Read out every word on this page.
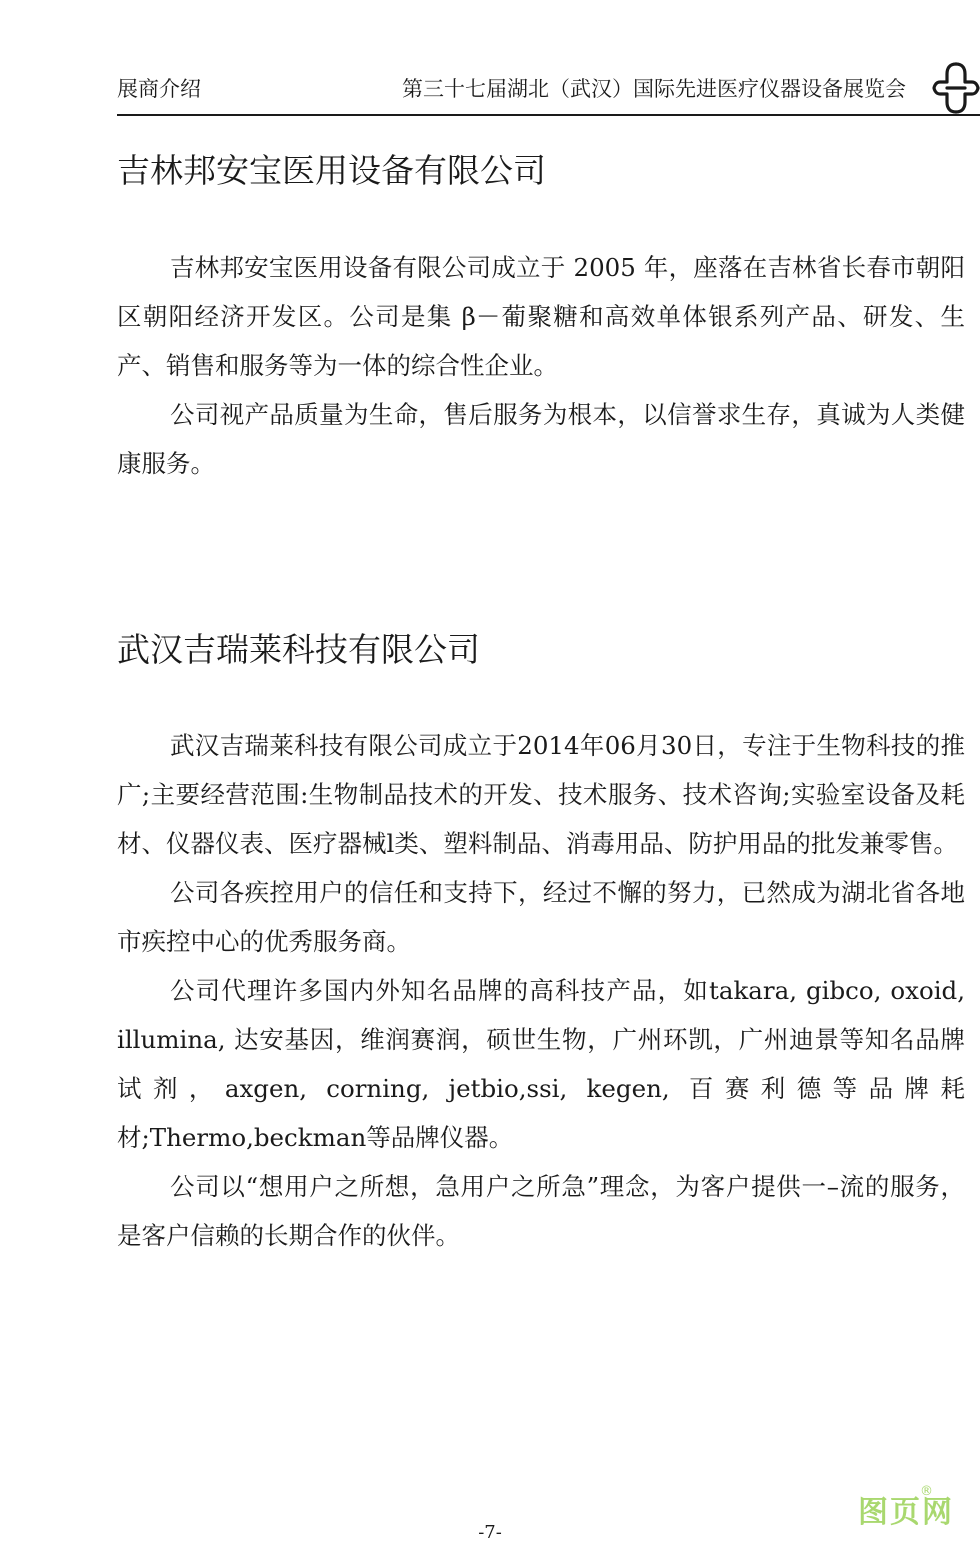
展商介绍	第三十七届湖北（武汉）国际先进医疗仪器设备展览会
吉林邦安宝医用设备有限公司

吉林邦安宝医用设备有限公司成立于 2005 年，座落在吉林省长春市朝阳区朝阳经济开发区。公司是集 β－葡聚糖和高效单体银系列产品、研发、生产、销售和服务等为一体的综合性企业。

公司视产品质量为生命，售后服务为根本，以信誉求生存，真诚为人类健康服务。

武汉吉瑞莱科技有限公司

武汉吉瑞莱科技有限公司成立于2014年06月30日，专注于生物科技的推广;主要经营范围:生物制品技术的开发、技术服务、技术咨询;实验室设备及耗材、仪器仪表、医疗器械l类、塑料制品、消毒用品、防护用品的批发兼零售。

公司各疾控用户的信任和支持下，经过不懈的努力，已然成为湖北省各地市疾控中心的优秀服务商。

公司代理许多国内外知名品牌的高科技产品，如takara, gibco, oxoid, illumina, 达安基因，维润赛润，硕世生物，广州环凯，广州迪景等知名品牌试剂，axgen, corning, jetbio,ssi, kegen, 百赛利德等品牌耗材;Thermo,beckman等品牌仪器。

公司以“想用户之所想，急用户之所急”理念，为客户提供一–流的服务，是客户信赖的长期合作的伙伴。

图页网
®
-7-
